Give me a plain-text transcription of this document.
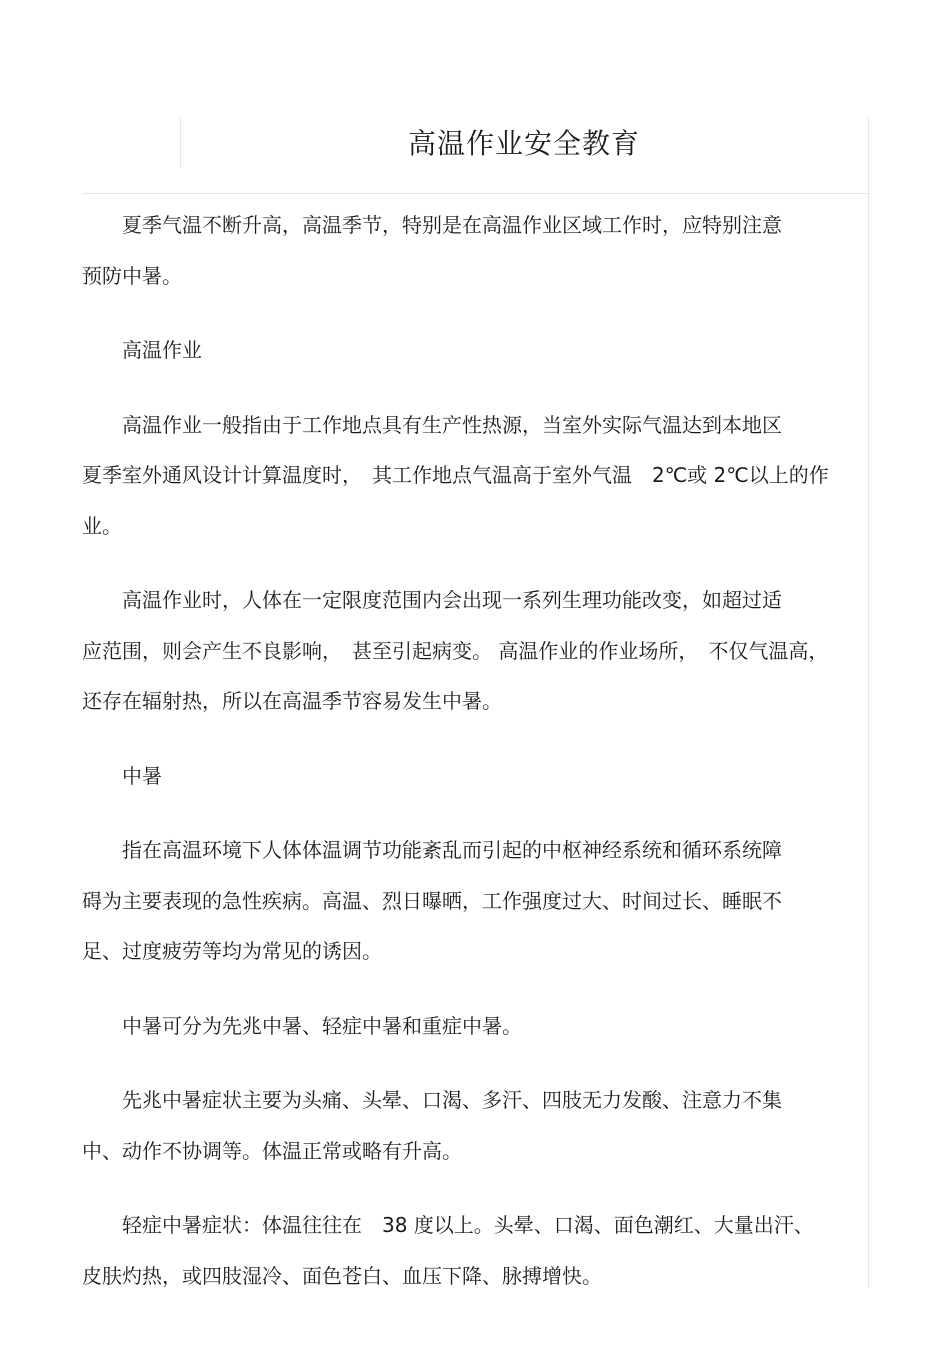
高温作业安全教育

夏季气温不断升高，高温季节，特别是在高温作业区域工作时，应特别注意
预防中暑。

高温作业

高温作业一般指由于工作地点具有生产性热源，当室外实际气温达到本地区
夏季室外通风设计计算温度时，　其工作地点气温高于室外气温　2℃或 2℃以上的作
业。

高温作业时，人体在一定限度范围内会出现一系列生理功能改变，如超过适
应范围，则会产生不良影响，　甚至引起病变。 高温作业的作业场所，　不仅气温高，
还存在辐射热，所以在高温季节容易发生中暑。

中暑

指在高温环境下人体体温调节功能紊乱而引起的中枢神经系统和循环系统障
碍为主要表现的急性疾病。高温、烈日曝晒，工作强度过大、时间过长、睡眠不
足、过度疲劳等均为常见的诱因。

中暑可分为先兆中暑、轻症中暑和重症中暑。

先兆中暑症状主要为头痛、头晕、口渴、多汗、四肢无力发酸、注意力不集
中、动作不协调等。体温正常或略有升高。

轻症中暑症状：体温往往在　38 度以上。头晕、口渴、面色潮红、大量出汗、
皮肤灼热，或四肢湿冷、面色苍白、血压下降、脉搏增快。
